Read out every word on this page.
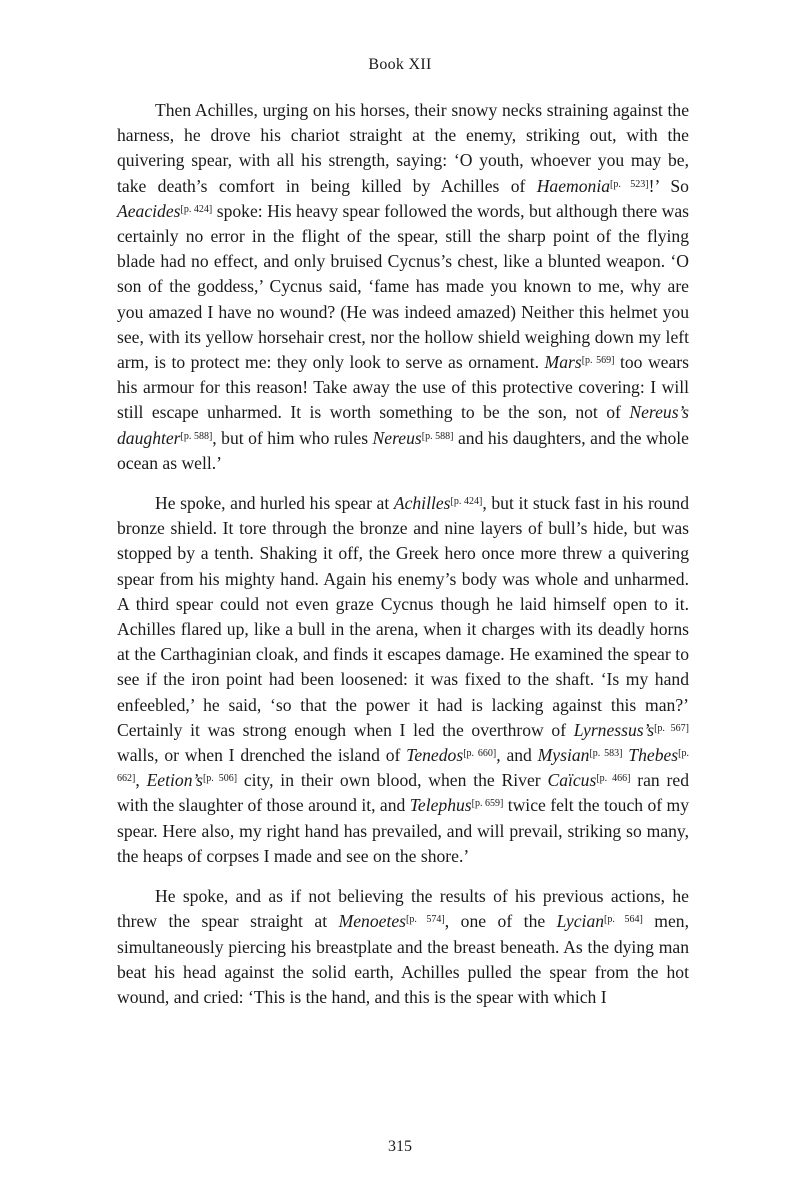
Book XII

Then Achilles, urging on his horses, their snowy necks straining against the harness, he drove his chariot straight at the enemy, striking out, with the quivering spear, with all his strength, saying: ‘O youth, whoever you may be, take death’s comfort in being killed by Achilles of Haemonia[p. 523]!’ So Aeacides[p. 424] spoke: His heavy spear followed the words, but although there was certainly no error in the flight of the spear, still the sharp point of the flying blade had no effect, and only bruised Cycnus’s chest, like a blunted weapon. ‘O son of the goddess,’ Cycnus said, ‘fame has made you known to me, why are you amazed I have no wound? (He was indeed amazed) Neither this helmet you see, with its yellow horsehair crest, nor the hollow shield weighing down my left arm, is to protect me: they only look to serve as ornament. Mars[p. 569] too wears his armour for this reason! Take away the use of this protective covering: I will still escape unharmed. It is worth something to be the son, not of Nereus’s daughter[p. 588], but of him who rules Nereus[p. 588] and his daughters, and the whole ocean as well.’

He spoke, and hurled his spear at Achilles[p. 424], but it stuck fast in his round bronze shield. It tore through the bronze and nine layers of bull’s hide, but was stopped by a tenth. Shaking it off, the Greek hero once more threw a quivering spear from his mighty hand. Again his enemy’s body was whole and unharmed. A third spear could not even graze Cycnus though he laid himself open to it. Achilles flared up, like a bull in the arena, when it charges with its deadly horns at the Carthaginian cloak, and finds it escapes damage. He examined the spear to see if the iron point had been loosened: it was fixed to the shaft. ‘Is my hand enfeebled,’ he said, ‘so that the power it had is lacking against this man?’ Certainly it was strong enough when I led the overthrow of Lyrnessus’s[p. 567] walls, or when I drenched the island of Tenedos[p. 660], and Mysian[p. 583] Thebes[p. 662], Eetion’s[p. 506] city, in their own blood, when the River Caïcus[p. 466] ran red with the slaughter of those around it, and Telephus[p. 659] twice felt the touch of my spear. Here also, my right hand has prevailed, and will prevail, striking so many, the heaps of corpses I made and see on the shore.’

He spoke, and as if not believing the results of his previous actions, he threw the spear straight at Menoetes[p. 574], one of the Lycian[p. 564] men, simultaneously piercing his breastplate and the breast beneath. As the dying man beat his head against the solid earth, Achilles pulled the spear from the hot wound, and cried: ‘This is the hand, and this is the spear with which I

315
